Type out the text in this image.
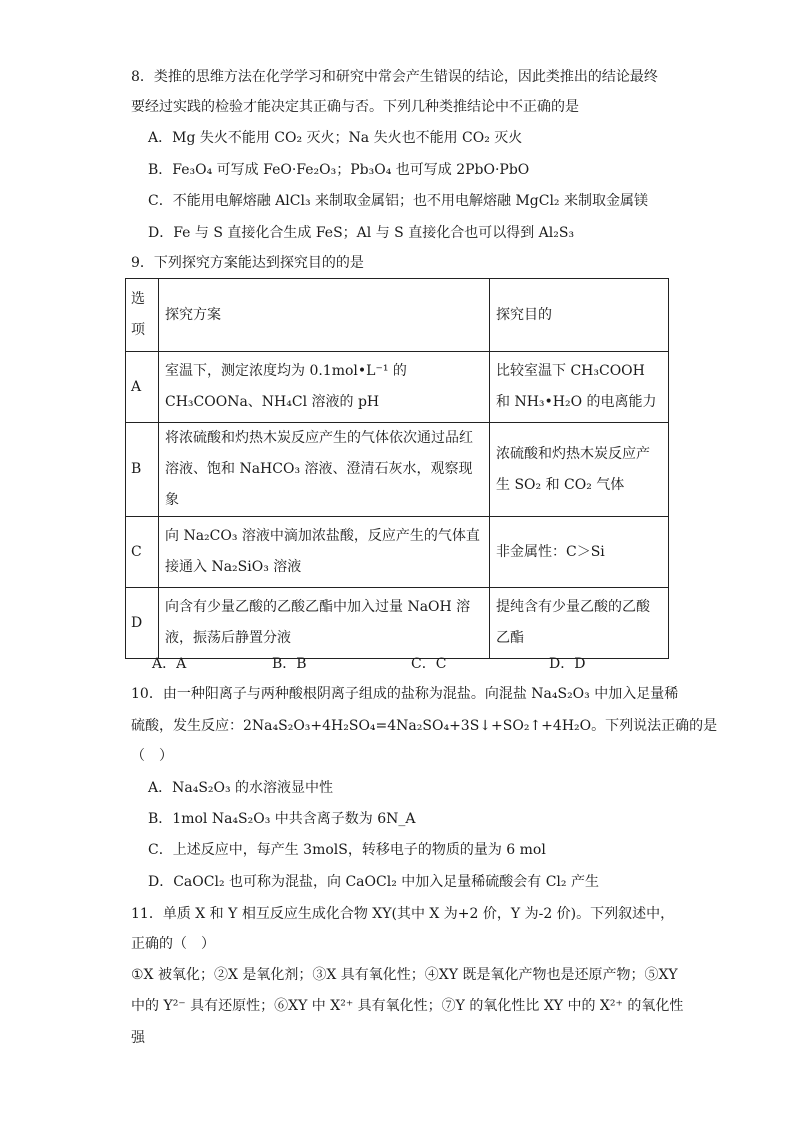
8．类推的思维方法在化学学习和研究中常会产生错误的结论，因此类推出的结论最终
要经过实践的检验才能决定其正确与否。下列几种类推结论中不正确的是
A．Mg 失火不能用 CO₂ 灭火；Na 失火也不能用 CO₂ 灭火
B．Fe₃O₄ 可写成 FeO·Fe₂O₃；Pb₃O₄ 也可写成 2PbO·PbO
C．不能用电解熔融 AlCl₃ 来制取金属铝；也不用电解熔融 MgCl₂ 来制取金属镁
D．Fe 与 S 直接化合生成 FeS；Al 与 S 直接化合也可以得到 Al₂S₃
9．下列探究方案能达到探究目的的是
选项	探究方案	探究目的
A	室温下，测定浓度均为 0.1mol•L⁻¹ 的 CH₃COONa、NH₄Cl 溶液的 pH	比较室温下 CH₃COOH 和 NH₃•H₂O 的电离能力
B	将浓硫酸和灼热木炭反应产生的气体依次通过品红溶液、饱和 NaHCO₃ 溶液、澄清石灰水，观察现象	浓硫酸和灼热木炭反应产生 SO₂ 和 CO₂ 气体
C	向 Na₂CO₃ 溶液中滴加浓盐酸，反应产生的气体直接通入 Na₂SiO₃ 溶液	非金属性：C＞Si
D	向含有少量乙酸的乙酸乙酯中加入过量 NaOH 溶液，振荡后静置分液	提纯含有少量乙酸的乙酸乙酯
A．A	B．B	C．C	D．D
10．由一种阳离子与两种酸根阴离子组成的盐称为混盐。向混盐 Na₄S₂O₃ 中加入足量稀
硫酸，发生反应：2Na₄S₂O₃+4H₂SO₄=4Na₂SO₄+3S↓+SO₂↑+4H₂O。下列说法正确的是
（　）
A．Na₄S₂O₃ 的水溶液显中性
B．1mol Na₄S₂O₃ 中共含离子数为 6N_A
C．上述反应中，每产生 3molS，转移电子的物质的量为 6 mol
D．CaOCl₂ 也可称为混盐，向 CaOCl₂ 中加入足量稀硫酸会有 Cl₂ 产生
11．单质 X 和 Y 相互反应生成化合物 XY(其中 X 为+2 价，Y 为-2 价)。下列叙述中，
正确的（　）
①X 被氧化；②X 是氧化剂；③X 具有氧化性；④XY 既是氧化产物也是还原产物；⑤XY
中的 Y²⁻ 具有还原性；⑥XY 中 X²⁺ 具有氧化性；⑦Y 的氧化性比 XY 中的 X²⁺ 的氧化性
强
